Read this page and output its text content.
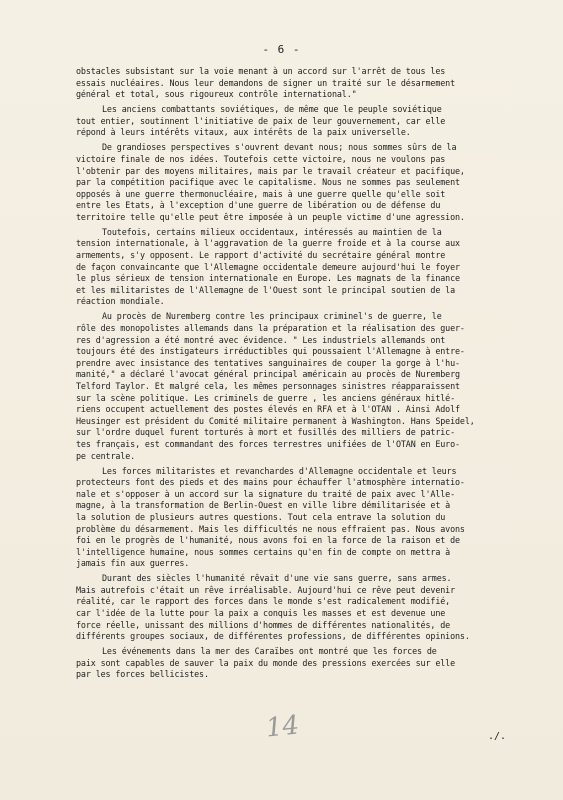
- 6 -
obstacles subsistant sur la voie menant à un accord sur l'arrêt de tous les
essais nucléaires. Nous leur demandons de signer un traité sur le désarmement
général et total, sous rigoureux contrôle international."
Les anciens combattants soviétiques, de même que le peuple soviétique
tout entier, soutinnent l'initiative de paix de leur gouvernement, car elle
répond à leurs intérêts vitaux, aux intérêts de la paix universelle.
De grandioses perspectives s'ouvrent devant nous; nous sommes sûrs de la
victoire finale de nos idées. Toutefois cette victoire, nous ne voulons pas
l'obtenir par des moyens militaires, mais par le travail créateur et pacifique,
par la compétition pacifique avec le capitalisme. Nous ne sommes pas seulement
opposés à une guerre thermonucléaire, mais à une guerre quelle qu'elle soit
entre les Etats, à l'exception d'une guerre de libération ou de défense du
territoire telle qu'elle peut être imposée à un peuple victime d'une agression.
Toutefois, certains milieux occidentaux, intéressés au maintien de la
tension internationale, à l'aggravation de la guerre froide et à la course aux
armements, s'y opposent. Le rapport d'activité du secrétaire général montre
de façon convaincante que l'Allemagne occidentale demeure aujourd'hui le foyer
le plus sérieux de tension internationale en Europe. Les magnats de la finance
et les militaristes de l'Allemagne de l'Ouest sont le principal soutien de la
réaction mondiale.
Au procès de Nuremberg contre les principaux criminel's de guerre, le
rôle des monopolistes allemands dans la préparation et la réalisation des guer-
res d'agression a été montré avec évidence. " Les industriels allemands ont
toujours été des instigateurs irréductibles qui poussaient l'Allemagne à entre-
prendre avec insistance des tentatives sanguinaires de couper la gorge à l'hu-
manité," a déclaré l'avocat général principal américain au procès de Nuremberg
Telford Taylor. Et malgré cela, les mêmes personnages sinistres réapparaissent
sur la scène politique. Les criminels de guerre , les anciens généraux hitlé-
riens occupent actuellement des postes élevés en RFA et à l'OTAN . Ainsi Adolf
Heusinger est président du Comité militaire permanent à Washington. Hans Speidel,
sur l'ordre duquel furent torturés à mort et fusillés des milliers de patric-
tes français, est commandant des forces terrestres unifiées de l'OTAN en Euro-
pe centrale.
Les forces militaristes et revanchardes d'Allemagne occidentale et leurs
protecteurs font des pieds et des mains pour échauffer l'atmosphère internatio-
nale et s'opposer à un accord sur la signature du traité de paix avec l'Alle-
magne, à la transformation de Berlin-Ouest en ville libre démilitarisée et à
la solution de plusieurs autres questions. Tout cela entrave la solution du
problème du désarmement. Mais les difficultés ne nous effraient pas. Nous avons
foi en le progrès de l'humanité, nous avons foi en la force de la raison et de
l'intelligence humaine, nous sommes certains qu'en fin de compte on mettra à
jamais fin aux guerres.
Durant des siècles l'humanité rêvait d'une vie sans guerre, sans armes.
Mais autrefois c'était un rêve irréalisable. Aujourd'hui ce rêve peut devenir
réalité, car le rapport des forces dans le monde s'est radicalement modifié,
car l'idée de la lutte pour la paix a conquis les masses et est devenue une
force réelle, unissant des millions d'hommes de différentes nationalités, de
différents groupes sociaux, de différentes professions, de différentes opinions.
Les événements dans la mer des Caraïbes ont montré que les forces de
paix sont capables de sauver la paix du monde des pressions exercées sur elle
par les forces bellicistes.
14	./.
